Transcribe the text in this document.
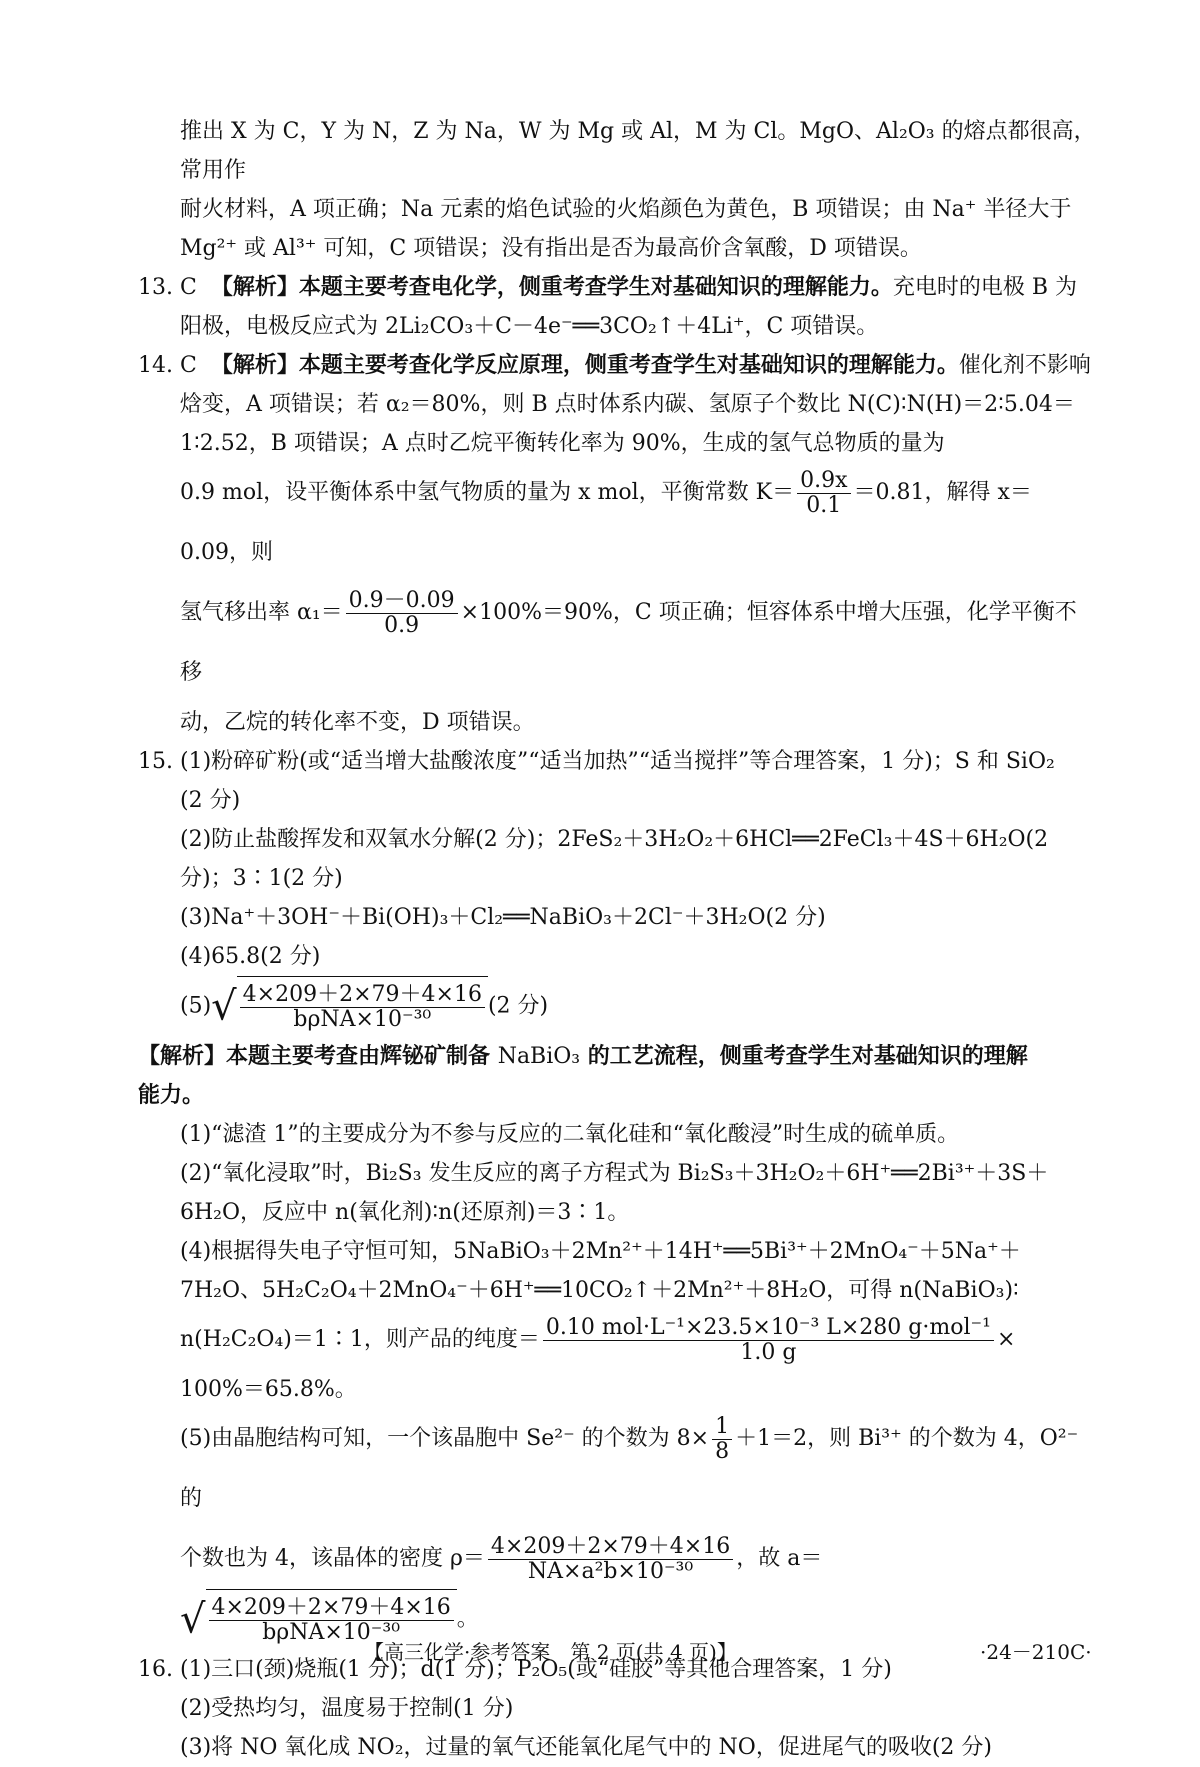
推出 X 为 C，Y 为 N，Z 为 Na，W 为 Mg 或 Al，M 为 Cl。MgO、Al₂O₃ 的熔点都很高，常用作

耐火材料，A 项正确；Na 元素的焰色试验的火焰颜色为黄色，B 项错误；由 Na⁺ 半径大于

Mg²⁺ 或 Al³⁺ 可知，C 项错误；没有指出是否为最高价含氧酸，D 项错误。

13. C 【解析】本题主要考查电化学，侧重考查学生对基础知识的理解能力。充电时的电极 B 为阳极，电极反应式为 2Li₂CO₃＋C－4e⁻══3CO₂↑＋4Li⁺，C 项错误。

14. C 【解析】本题主要考查化学反应原理，侧重考查学生对基础知识的理解能力。催化剂不影响焓变，A 项错误；若 α₂＝80%，则 B 点时体系内碳、氢原子个数比 N(C)∶N(H)＝2∶5.04＝1∶2.52，B 项错误；A 点时乙烷平衡转化率为 90%，生成的氢气总物质的量为

0.9 mol，设平衡体系中氢气物质的量为 x mol，平衡常数 $K= \frac{0.9x}{0.1} =0.81$，解得 x＝0.09，则

氢气移出率 $\alpha_1= \frac{0.9-0.09}{0.9} \times 100\%=90\%$，C 项正确；恒容体系中增大压强，化学平衡不移

动，乙烷的转化率不变，D 项错误。

15. (1)粉碎矿粉(或“适当增大盐酸浓度”“适当加热”“适当搅拌”等合理答案，1 分)；S 和 SiO₂

(2 分)

(2)防止盐酸挥发和双氧水分解(2 分)；2FeS₂＋3H₂O₂＋6HCl══2FeCl₃＋4S＋6H₂O(2

分)；3∶1(2 分)

(3)Na⁺＋3OH⁻＋Bi(OH)₃＋Cl₂══NaBiO₃＋2Cl⁻＋3H₂O(2 分)

(4)65.8(2 分)

$(5)√ \frac{4\times 209+2\times 79+4\times 16}{\text{bρNA×10⁻³⁰}} (2$ 分)

【解析】本题主要考查由辉铋矿制备 NaBiO₃ 的工艺流程，侧重考查学生对基础知识的理解

能力。

(1)“滤渣 1”的主要成分为不参与反应的二氧化硅和“氧化酸浸”时生成的硫单质。

(2)“氧化浸取”时，Bi₂S₃ 发生反应的离子方程式为 Bi₂S₃＋3H₂O₂＋6H⁺══2Bi³⁺＋3S＋

6H₂O，反应中 n(氧化剂)∶n(还原剂)＝3∶1。

(4)根据得失电子守恒可知，5NaBiO₃＋2Mn²⁺＋14H⁺══5Bi³⁺＋2MnO₄⁻＋5Na⁺＋

7H₂O、5H₂C₂O₄＋2MnO₄⁻＋6H⁺══10CO₂↑＋2Mn²⁺＋8H₂O，可得 n(NaBiO₃)∶

n(H₂C₂O₄)＝1∶1，则产品的纯度＝ $\frac{\text{0.10 mol·L⁻¹×23.5×10⁻³ L×280 g·mol⁻¹}}{1.0 g}$ ×

100%＝65.8%。

(5)由晶胞结构可知，一个该晶胞中 Se²⁻ 的个数为 $8\times \frac{1}{8} +1=2$，则 Bi³⁺ 的个数为 4，O²⁻ 的

个数也为 4，该晶体的密度 $\rho= \frac{4\times 209+2\times 79+4\times 16}{\text{NA×a²b×10⁻³⁰}}$ ，故 $a=√ \frac{4\times 209+2\times 79+4\times 16}{\text{bρNA×10⁻³⁰}}$ 。

16. (1)三口(颈)烧瓶(1 分)；d(1 分)；P₂O₅(或“硅胶”等其他合理答案，1 分)

(2)受热均匀，温度易于控制(1 分)

(3)将 NO 氧化成 NO₂，过量的氧气还能氧化尾气中的 NO，促进尾气的吸收(2 分)

【高三化学·参考答案　第 2 页(共 4 页)】	·24－210C·
